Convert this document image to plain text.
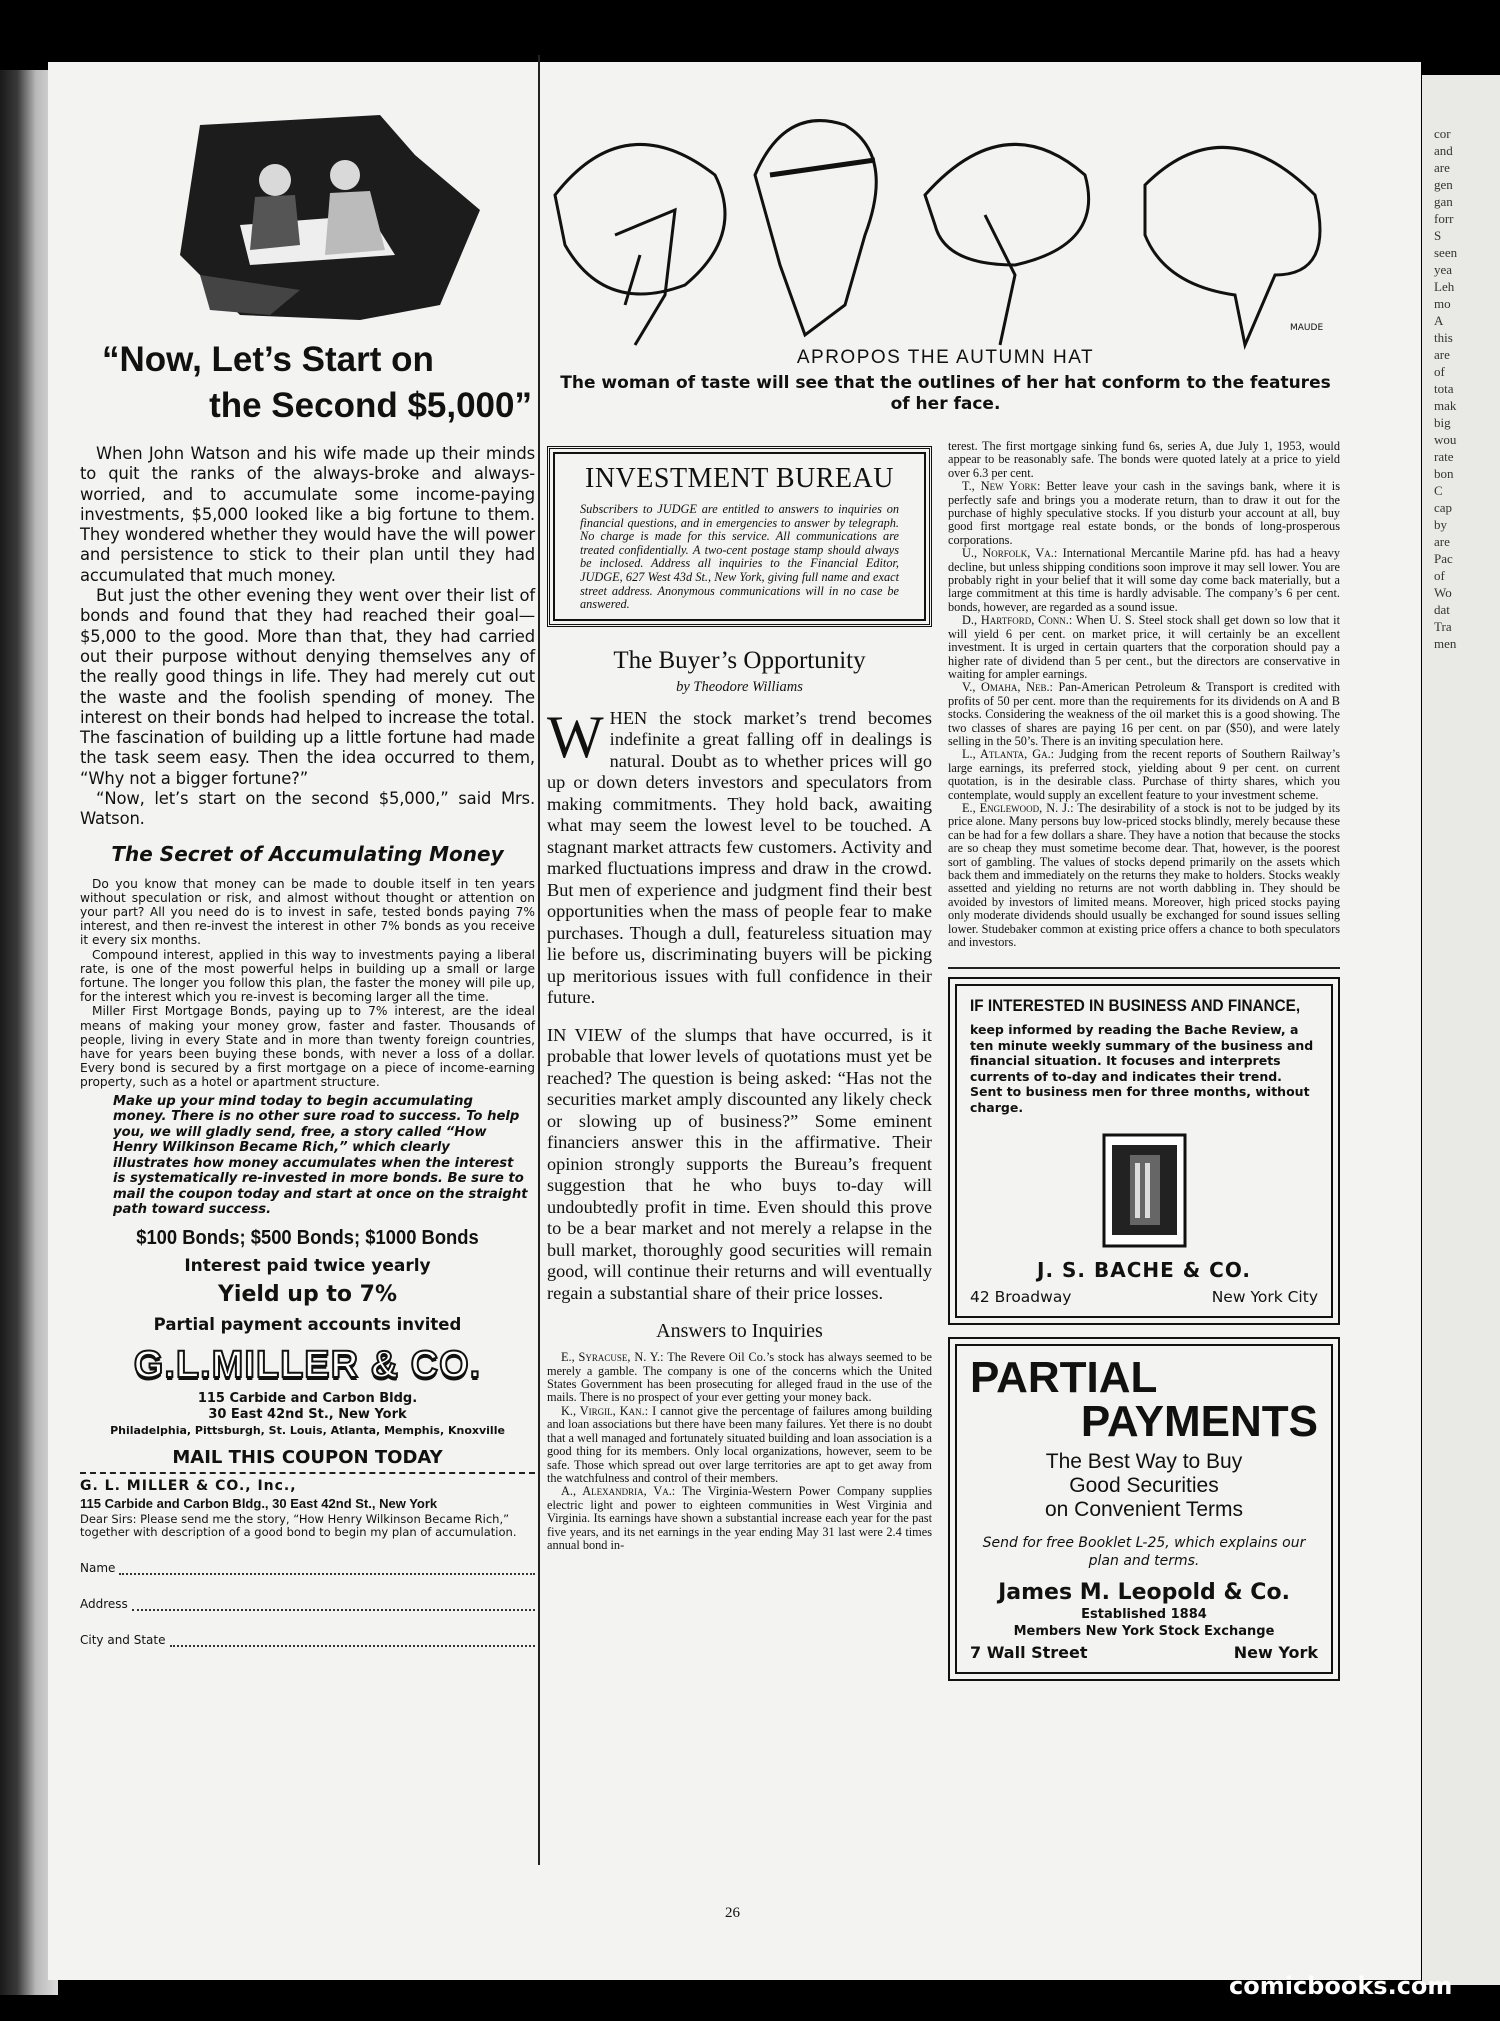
cor
and
are
gen
gan
forr
S
seen
yea
Leh
mo
A
this
are
of
tota
mak
big
wou
rate
bon
C
cap
by
are
Pac
of
Wo
dat
Tra
men
“Now, Let’s Start on
the Second $5,000”

When John Watson and his wife made up their minds to quit the ranks of the always-broke and always-worried, and to accumulate some income-paying investments, $5,000 looked like a big fortune to them. They wondered whether they would have the will power and persistence to stick to their plan until they had accumulated that much money.

But just the other evening they went over their list of bonds and found that they had reached their goal—$5,000 to the good. More than that, they had carried out their purpose without denying themselves any of the really good things in life. They had merely cut out the waste and the foolish spending of money. The interest on their bonds had helped to increase the total. The fascination of building up a little fortune had made the task seem easy. Then the idea occurred to them, “Why not a bigger fortune?”

“Now, let’s start on the second $5,000,” said Mrs. Watson.

The Secret of Accumulating Money

Do you know that money can be made to double itself in ten years without speculation or risk, and almost without thought or attention on your part? All you need do is to invest in safe, tested bonds paying 7% interest, and then re-invest the interest in other 7% bonds as you receive it every six months.

Compound interest, applied in this way to investments paying a liberal rate, is one of the most powerful helps in building up a small or large fortune. The longer you follow this plan, the faster the money will pile up, for the interest which you re-invest is becoming larger all the time.

Miller First Mortgage Bonds, paying up to 7% interest, are the ideal means of making your money grow, faster and faster. Thousands of people, living in every State and in more than twenty foreign countries, have for years been buying these bonds, with never a loss of a dollar. Every bond is secured by a first mortgage on a piece of income-earning property, such as a hotel or apartment structure.

Make up your mind today to begin accumulating money. There is no other sure road to success. To help you, we will gladly send, free, a story called “How Henry Wilkinson Became Rich,” which clearly illustrates how money accumulates when the interest is systematically re-invested in more bonds. Be sure to mail the coupon today and start at once on the straight path toward success.
$100 Bonds; $500 Bonds; $1000 Bonds
Interest paid twice yearly
Yield up to 7%
Partial payment accounts invited
G.L.MILLER & CO.
115 Carbide and Carbon Bldg.
30 East 42nd St., New York
Philadelphia, Pittsburgh, St. Louis, Atlanta, Memphis, Knoxville
MAIL THIS COUPON TODAY
G. L. MILLER & CO., Inc.,
115 Carbide and Carbon Bldg., 30 East 42nd St., New York
Dear Sirs: Please send me the story, “How Henry Wilkinson Became Rich,” together with description of a good bond to begin my plan of accumulation.
Name
Address
City and State
MAUDE
APROPOS THE AUTUMN HAT
The woman of taste will see that the outlines of her hat conform to the features of her face.
INVESTMENT BUREAU
Subscribers to JUDGE are entitled to answers to inquiries on financial questions, and in emergencies to answer by telegraph. No charge is made for this service. All communications are treated confidentially. A two-cent postage stamp should always be inclosed. Address all inquiries to the Financial Editor, JUDGE, 627 West 43d St., New York, giving full name and exact street address. Anonymous communications will in no case be answered.
The Buyer’s Opportunity
by Theodore Williams

WHEN the stock market’s trend becomes indefinite a great falling off in dealings is natural. Doubt as to whether prices will go up or down deters investors and speculators from making commitments. They hold back, awaiting what may seem the lowest level to be touched. A stagnant market attracts few customers. Activity and marked fluctuations impress and draw in the crowd. But men of experience and judgment find their best opportunities when the mass of people fear to make purchases. Though a dull, featureless situation may lie before us, discriminating buyers will be picking up meritorious issues with full confidence in their future.

IN VIEW of the slumps that have occurred, is it probable that lower levels of quotations must yet be reached? The question is being asked: “Has not the securities market amply discounted any likely check or slowing up of business?” Some eminent financiers answer this in the affirmative. Their opinion strongly supports the Bureau’s frequent suggestion that he who buys to-day will undoubtedly profit in time. Even should this prove to be a bear market and not merely a relapse in the bull market, thoroughly good securities will remain good, will continue their returns and will eventually regain a substantial share of their price losses.

Answers to Inquiries

E., Syracuse, N. Y.: The Revere Oil Co.’s stock has always seemed to be merely a gamble. The company is one of the concerns which the United States Government has been prosecuting for alleged fraud in the use of the mails. There is no prospect of your ever getting your money back.

K., Virgil, Kan.: I cannot give the percentage of failures among building and loan associations but there have been many failures. Yet there is no doubt that a well managed and fortunately situated building and loan association is a good thing for its members. Only local organizations, however, seem to be safe. Those which spread out over large territories are apt to get away from the watchfulness and control of their members.

A., Alexandria, Va.: The Virginia-Western Power Company supplies electric light and power to eighteen communities in West Virginia and Virginia. Its earnings have shown a substantial increase each year for the past five years, and its net earnings in the year ending May 31 last were 2.4 times annual bond in-

terest. The first mortgage sinking fund 6s, series A, due July 1, 1953, would appear to be reasonably safe. The bonds were quoted lately at a price to yield over 6.3 per cent.

T., New York: Better leave your cash in the savings bank, where it is perfectly safe and brings you a moderate return, than to draw it out for the purchase of highly speculative stocks. If you disturb your account at all, buy good first mortgage real estate bonds, or the bonds of long-prosperous corporations.

U., Norfolk, Va.: International Mercantile Marine pfd. has had a heavy decline, but unless shipping conditions soon improve it may sell lower. You are probably right in your belief that it will some day come back materially, but a large commitment at this time is hardly advisable. The company’s 6 per cent. bonds, however, are regarded as a sound issue.

D., Hartford, Conn.: When U. S. Steel stock shall get down so low that it will yield 6 per cent. on market price, it will certainly be an excellent investment. It is urged in certain quarters that the corporation should pay a higher rate of dividend than 5 per cent., but the directors are conservative in waiting for ampler earnings.

V., Omaha, Neb.: Pan-American Petroleum & Transport is credited with profits of 50 per cent. more than the requirements for its dividends on A and B stocks. Considering the weakness of the oil market this is a good showing. The two classes of shares are paying 16 per cent. on par ($50), and were lately selling in the 50’s. There is an inviting speculation here.

L., Atlanta, Ga.: Judging from the recent reports of Southern Railway’s large earnings, its preferred stock, yielding about 9 per cent. on current quotation, is in the desirable class. Purchase of thirty shares, which you contemplate, would supply an excellent feature to your investment scheme.

E., Englewood, N. J.: The desirability of a stock is not to be judged by its price alone. Many persons buy low-priced stocks blindly, merely because these can be had for a few dollars a share. They have a notion that because the stocks are so cheap they must sometime become dear. That, however, is the poorest sort of gambling. The values of stocks depend primarily on the assets which back them and immediately on the returns they make to holders. Stocks weakly assetted and yielding no returns are not worth dabbling in. They should be avoided by investors of limited means. Moreover, high priced stocks paying only moderate dividends should usually be exchanged for sound issues selling lower. Studebaker common at existing price offers a chance to both speculators and investors.

IF INTERESTED IN BUSINESS AND FINANCE,
keep informed by reading the Bache Review, a ten minute weekly summary of the business and financial situation. It focuses and interprets currents of to-day and indicates their trend. Sent to business men for three months, without charge.
J. S. BACHE & CO.
42 Broadway	New York City
PARTIAL
PAYMENTS
The Best Way to Buy
Good Securities
on Convenient Terms
Send for free Booklet L-25, which explains our plan and terms.
James M. Leopold & Co.
Established 1884
Members New York Stock Exchange
7 Wall Street	New York
26
comicbooks.com
